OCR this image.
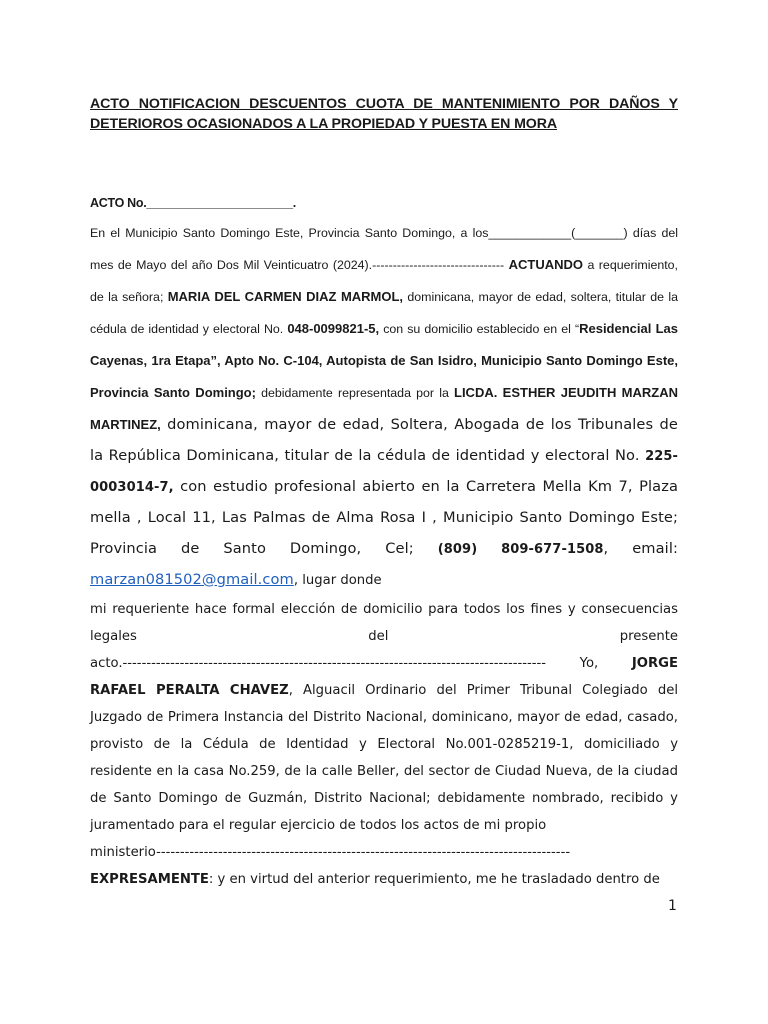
ACTO NOTIFICACION DESCUENTOS CUOTA DE MANTENIMIENTO POR DAÑOS Y DETERIOROS OCASIONADOS A LA PROPIEDAD Y PUESTA EN MORA

ACTO No.______________________.

En el Municipio Santo Domingo Este, Provincia Santo Domingo, a los____________(_______) días del mes de Mayo del año Dos Mil Veinticuatro (2024).-------------------------------- ACTUANDO a requerimiento, de la señora; MARIA DEL CARMEN DIAZ MARMOL, dominicana, mayor de edad, soltera, titular de la cédula de identidad y electoral No. 048-0099821-5, con su domicilio establecido en el “Residencial Las Cayenas, 1ra Etapa”, Apto No. C-104, Autopista de San Isidro, Municipio Santo Domingo Este, Provincia Santo Domingo; debidamente representada por la LICDA. ESTHER JEUDITH MARZAN MARTINEZ, dominicana, mayor de edad, Soltera, Abogada de los Tribunales de la República Dominicana, titular de la cédula de identidad y electoral No. 225-0003014-7, con estudio profesional abierto en la Carretera Mella Km 7, Plaza mella , Local 11, Las Palmas de Alma Rosa I , Municipio Santo Domingo Este; Provincia de Santo Domingo, Cel; (809) 809-677-1508, email: marzan081502@gmail.com, lugar donde

mi requeriente hace formal elección de domicilio para todos los fines y consecuencias
legales	del	presente
acto.-----------------------------------------------------------------------------------------	Yo,	JORGE
RAFAEL PERALTA CHAVEZ, Alguacil Ordinario del Primer Tribunal Colegiado del Juzgado de Primera Instancia del Distrito Nacional, dominicano, mayor de edad, casado, provisto de la Cédula de Identidad y Electoral No.001-0285219-1, domiciliado y residente en la casa No.259, de la calle Beller, del sector de Ciudad Nueva, de la ciudad de Santo Domingo de Guzmán, Distrito Nacional; debidamente nombrado, recibido y juramentado para el regular ejercicio de todos los actos de mi propio
ministerio---------------------------------------------------------------------------------------
EXPRESAMENTE: y en virtud del anterior requerimiento, me he trasladado dentro de
1
